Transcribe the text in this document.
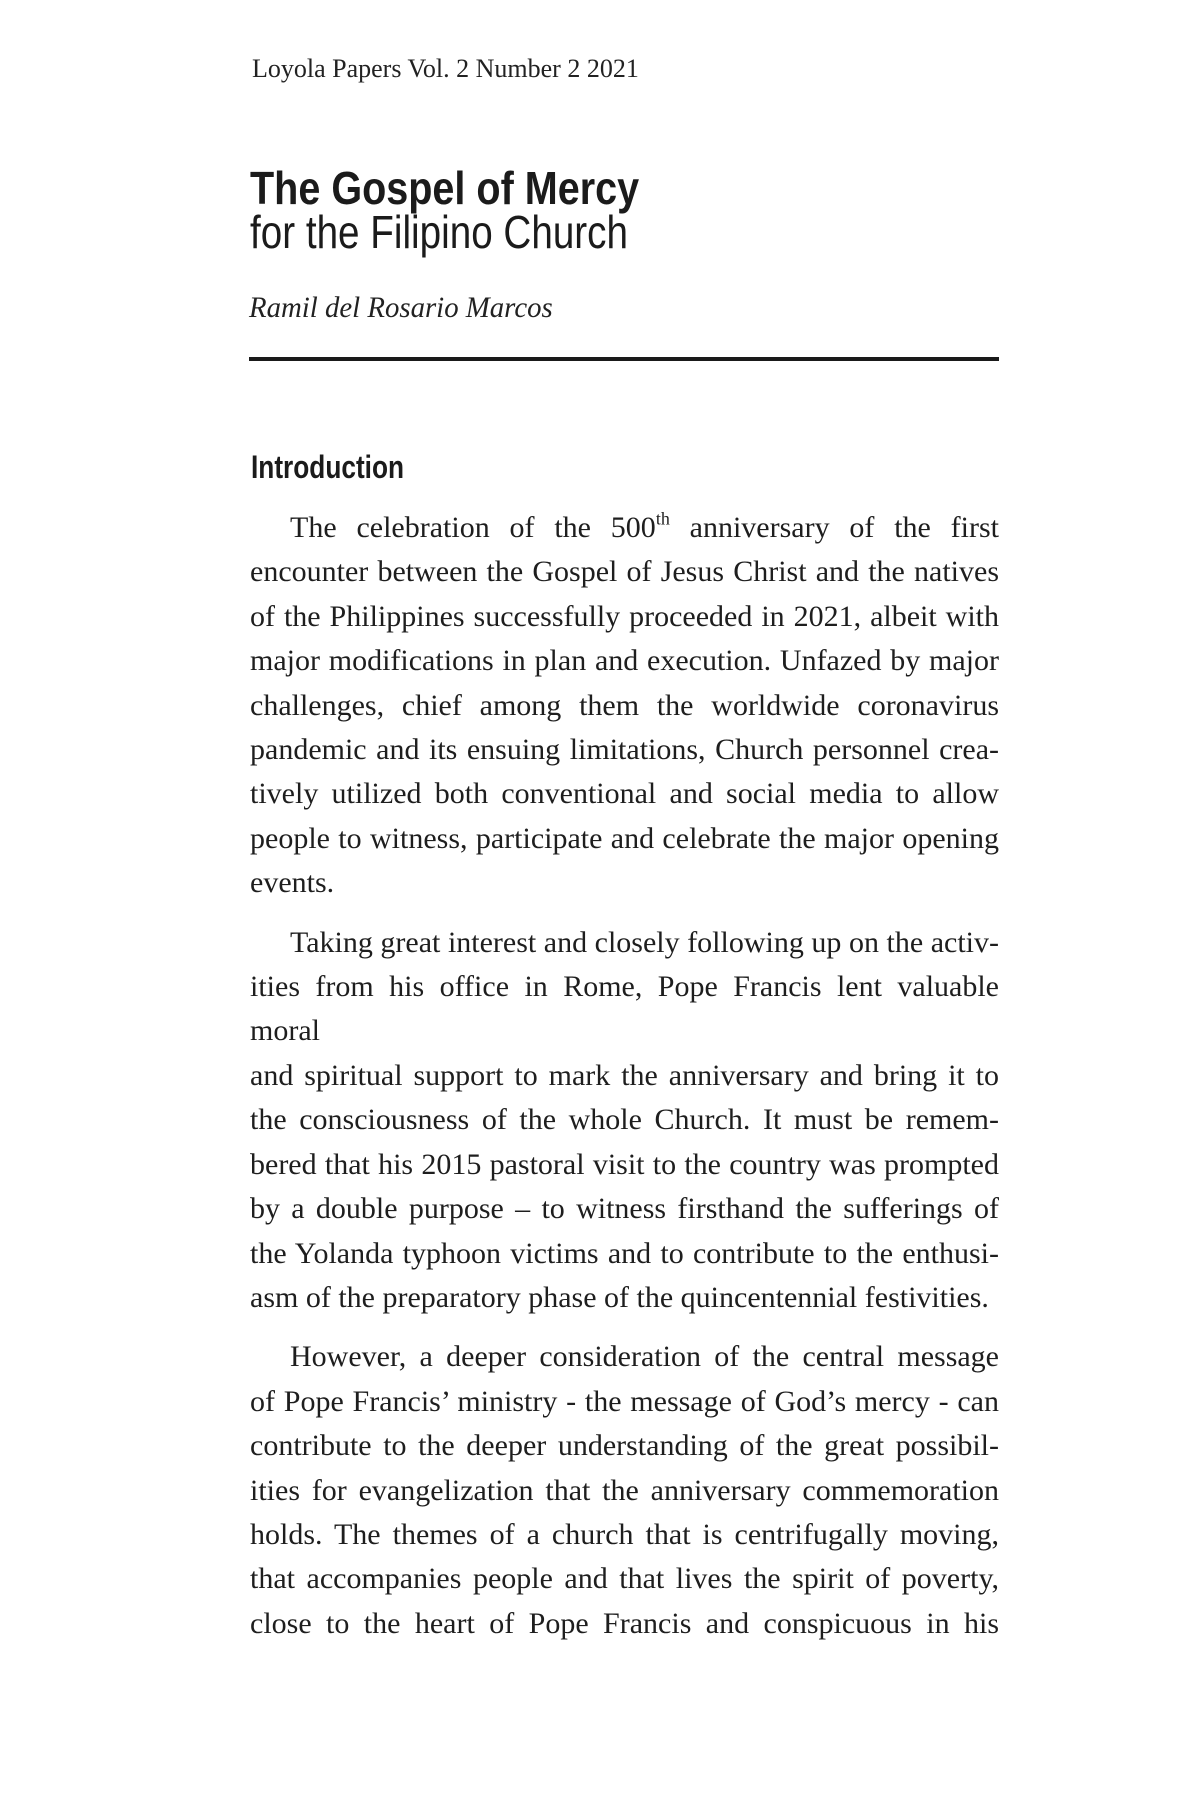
Loyola Papers Vol. 2 Number 2 2021
The Gospel of Mercy
for the Filipino Church
Ramil del Rosario Marcos
Introduction

The celebration of the 500th anniversary of the first
encounter between the Gospel of Jesus Christ and the natives
of the Philippines successfully proceeded in 2021, albeit with
major modifications in plan and execution. Unfazed by major
challenges, chief among them the worldwide coronavirus
pandemic and its ensuing limitations, Church personnel crea-
tively utilized both conventional and social media to allow
people to witness, participate and celebrate the major opening
events.

Taking great interest and closely following up on the activ-
ities from his office in Rome, Pope Francis lent valuable moral
and spiritual support to mark the anniversary and bring it to
the consciousness of the whole Church. It must be remem-
bered that his 2015 pastoral visit to the country was prompted
by a double purpose – to witness firsthand the sufferings of
the Yolanda typhoon victims and to contribute to the enthusi-
asm of the preparatory phase of the quincentennial festivities.

However, a deeper consideration of the central message
of Pope Francis’ ministry - the message of God’s mercy - can
contribute to the deeper understanding of the great possibil-
ities for evangelization that the anniversary commemoration
holds. The themes of a church that is centrifugally moving,
that accompanies people and that lives the spirit of poverty,
close to the heart of Pope Francis and conspicuous in his
